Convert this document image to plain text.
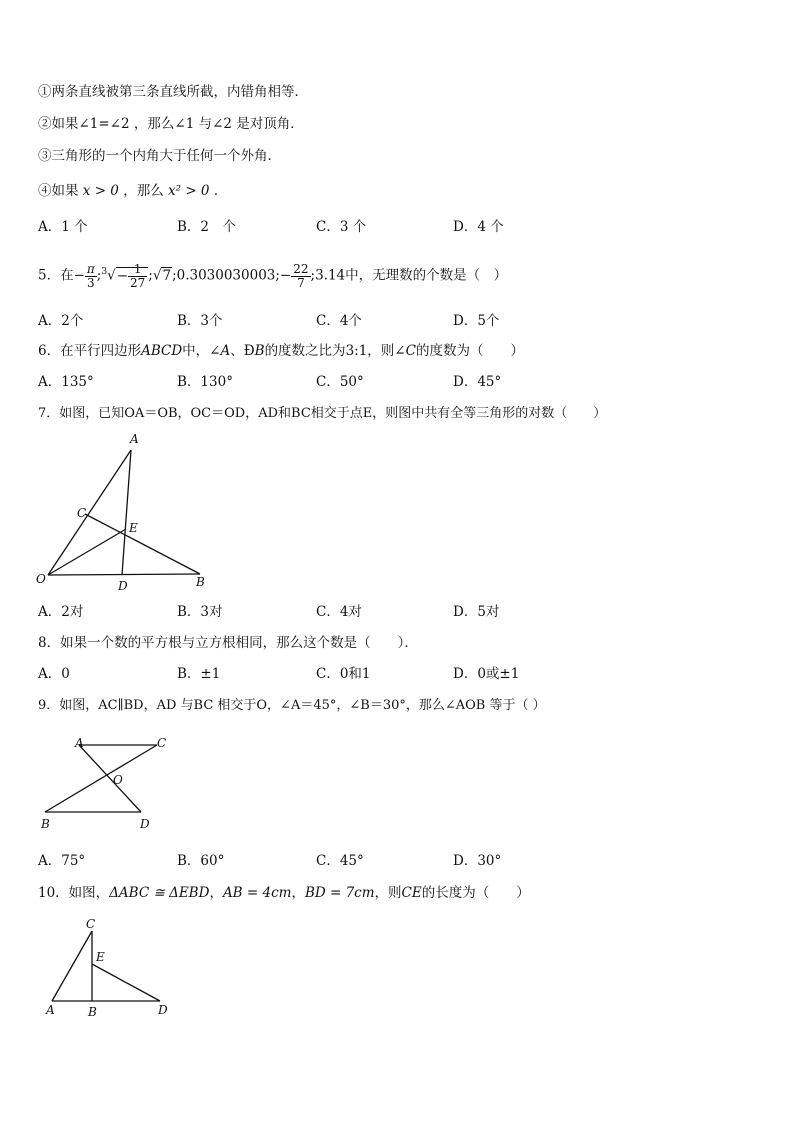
①两条直线被第三条直线所截，内错角相等．
②如果∠1=∠2 ，那么∠1 与∠2 是对顶角．
③三角形的一个内角大于任何一个外角．
④如果 x > 0 ，那么 x² > 0 ．
A．1 个	B．2　个	C．3 个	D．4 个
5．在− $\frac{\pi}{3}$ ;$^3$√− $\frac{1}{27}$ ;√7;0.3030030003;− $\frac{22}{7}$ ;3.14中，无理数的个数是（　）
A．2个	B．3个	C．4个	D．5个
6．在平行四边形ABCD中，∠A、ÐB的度数之比为3:1，则∠C的度数为（　　）
A．135°	B．130°	C．50°	D．45°
7．如图，已知OA＝OB，OC＝OD，AD和BC相交于点E，则图中共有全等三角形的对数（　　）
A
C
E
O	D	B
A．2对	B．3对	C．4对	D．5对
8．如果一个数的平方根与立方根相同，那么这个数是（　　）．
A．0	B．±1	C．0和1	D．0或±1
9．如图，AC∥BD，AD 与BC 相交于O，∠A＝45°，∠B＝30°，那么∠AOB 等于（ ）
A	C
O
B	D
A．75°	B．60°	C．45°	D．30°
10．如图，ΔABC ≅ ΔEBD，AB = 4cm，BD = 7cm，则CE的长度为（　　）
C
E
A	B	D
